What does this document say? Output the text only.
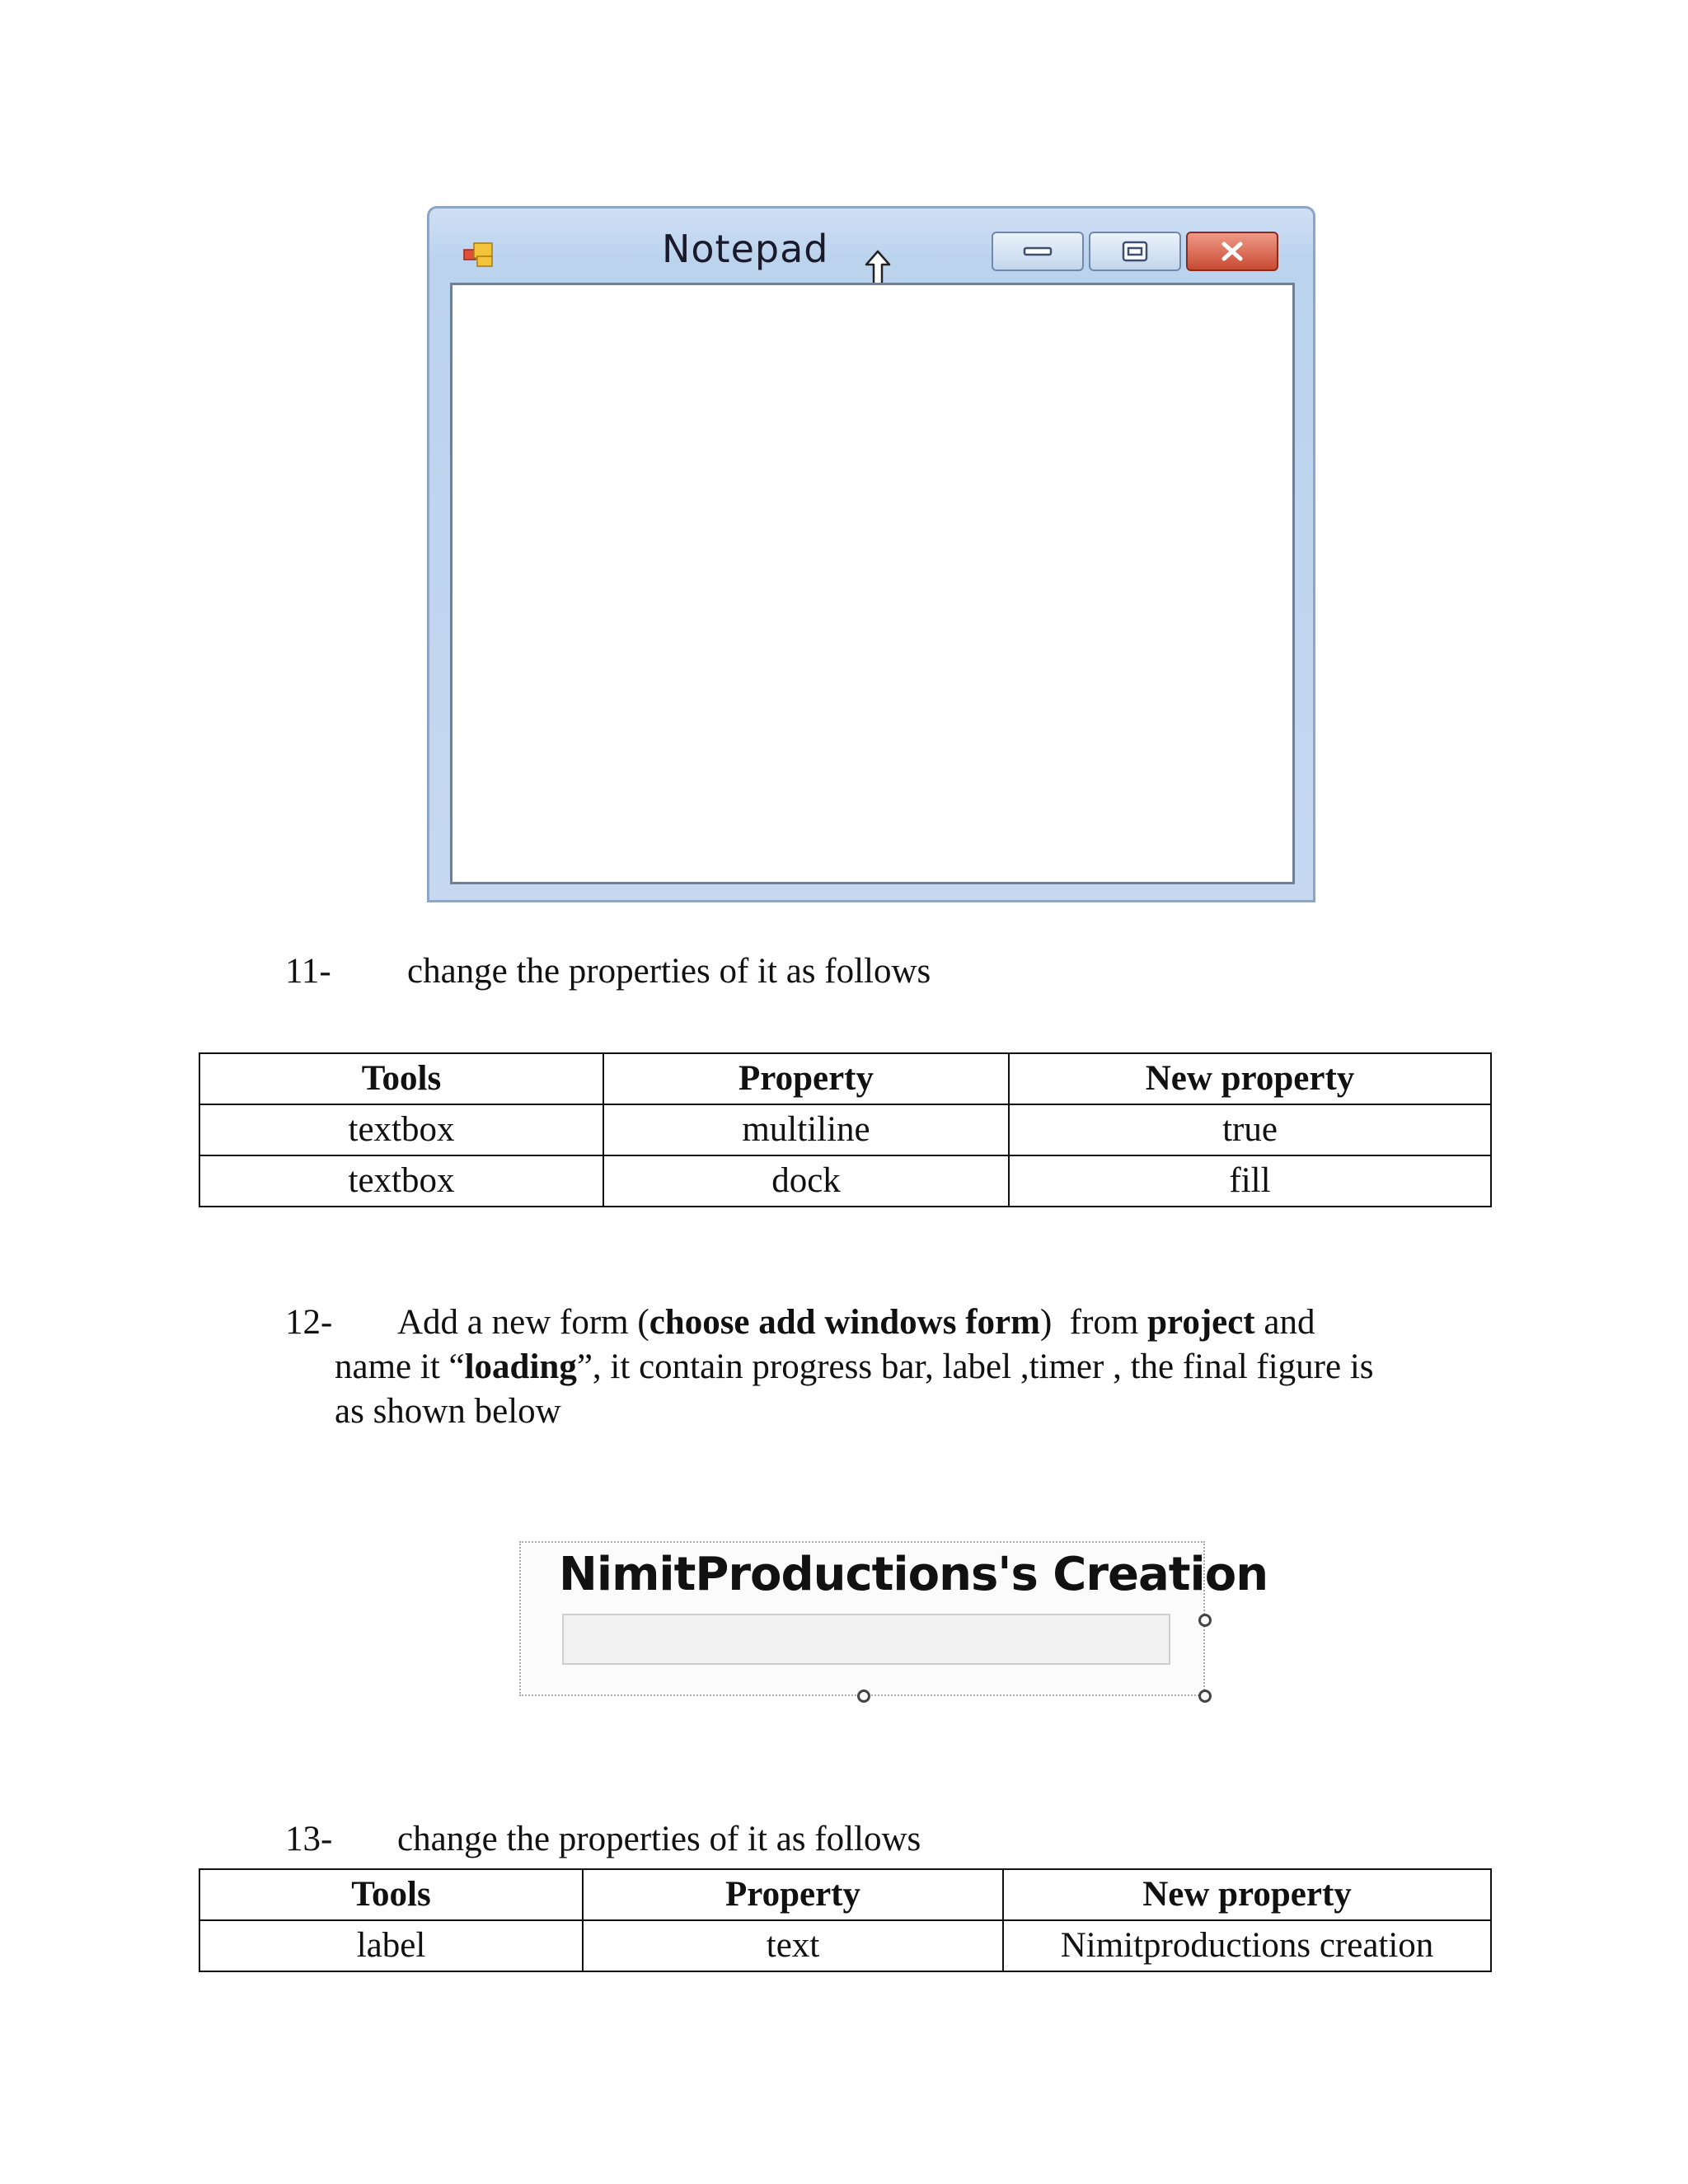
Notepad
11- change the properties of it as follows
Tools	Property	New property
textbox	multiline	true
textbox	dock	fill
12- Add a new form (choose add windows form)  from project and
name it “loading”, it contain progress bar, label ,timer , the final figure is
as shown below
NimitProductions's Creation
13- change the properties of it as follows
Tools	Property	New property
label	text	Nimitproductions creation
